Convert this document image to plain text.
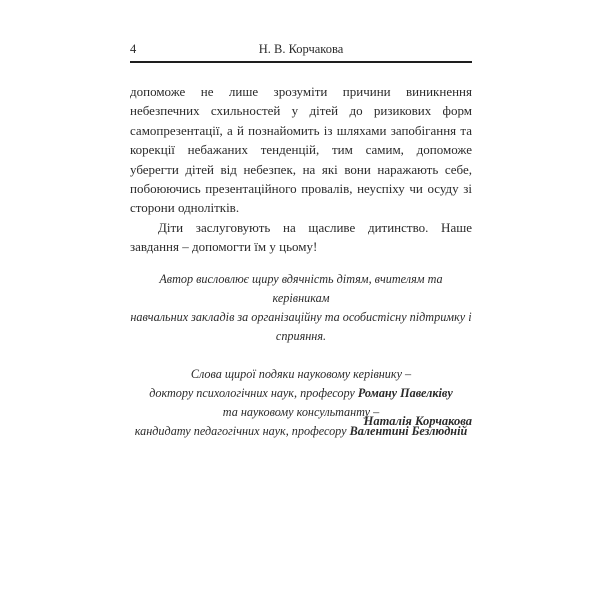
4	Н. В. Корчакова

допоможе не лише зрозуміти причини виникнення небезпечних схильностей у дітей до ризикових форм самопрезентації, а й познайомить із шляхами запобігання та корекції небажаних тенденцій, тим самим, допоможе уберегти дітей від небезпек, на які вони наражають себе, побоюючись презентаційного провалів, неуспіху чи осуду зі сторони однолітків.

Діти заслуговують на щасливе дитинство. Наше завдання – допомогти їм у цьому!

Автор висловлює щиру вдячність дітям, вчителям та керівникам

навчальних закладів за організаційну та особистісну підтримку і

сприяння.

Слова щирої подяки науковому керівнику –

доктору психологічних наук, професору Роману Павелківу

та науковому консультанту –

кандидату педагогічних наук, професору Валентині Безлюдній

Наталія Корчакова
